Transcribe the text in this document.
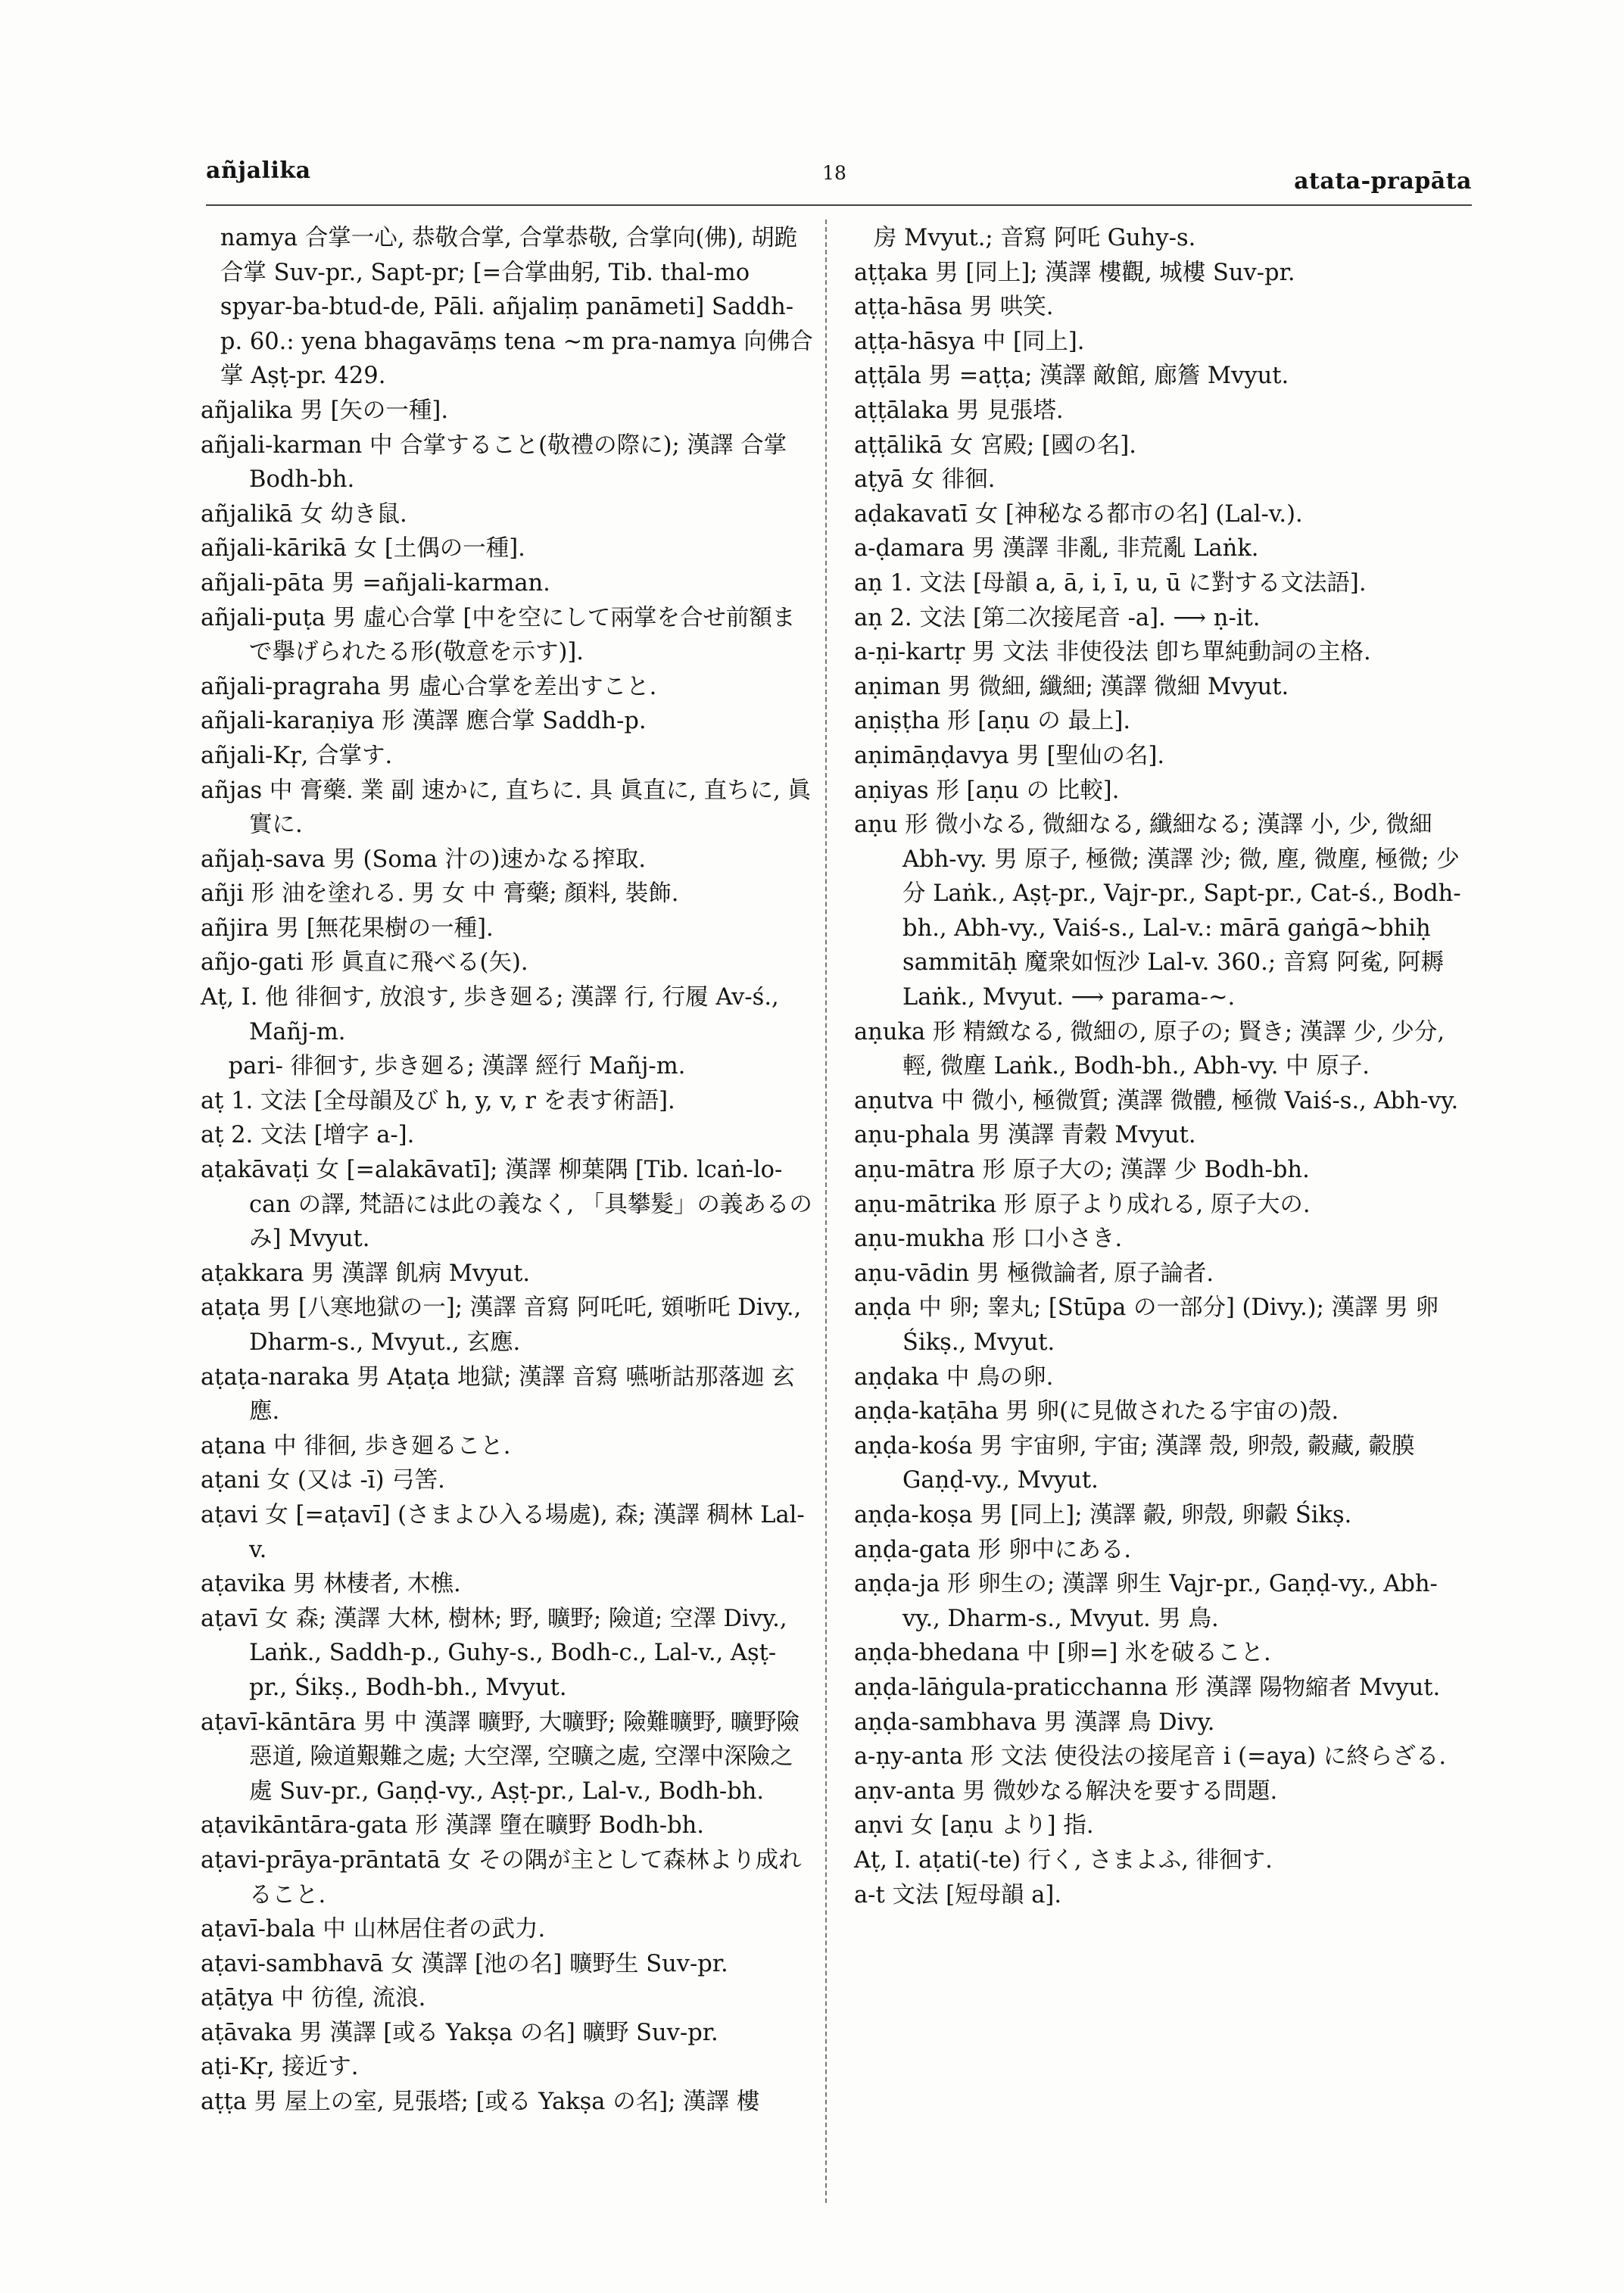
añjalika	18	atata-prapāta

namya 合掌一心, 恭敬合掌, 合掌恭敬, 合掌向(佛), 胡跪合掌 Suv-pr., Sapt-pr; [=合掌曲躬, Tib. thal-mo spyar-ba-btud-de, Pāli. añjaliṃ panāmeti] Saddh-p. 60.: yena bhagavāṃs tena ∼m pra-namya 向佛合掌 Aṣṭ-pr. 429.

añjalika 男 [矢の一種].

añjali-karman 中 合掌すること(敬禮の際に); 漢譯 合掌 Bodh-bh.

añjalikā 女 幼き鼠.

añjali-kārikā 女 [土偶の一種].

añjali-pāta 男 =añjali-karman.

añjali-puṭa 男 虛心合掌 [中を空にして兩掌を合せ前額まで擧げられたる形(敬意を示す)].

añjali-pragraha 男 虛心合掌を差出すこと.

añjali-karaṇiya 形 漢譯 應合掌 Saddh-p.

añjali-Kṛ, 合掌す.

añjas 中 膏藥. 業 副 速かに, 直ちに. 具 眞直に, 直ちに, 眞實に.

añjaḥ-sava 男 (Soma 汁の)速かなる搾取.

añji 形 油を塗れる. 男 女 中 膏藥; 顏料, 裝飾.

añjira 男 [無花果樹の一種].

añjo-gati 形 眞直に飛べる(矢).

Aṭ, I. 他 徘徊す, 放浪す, 歩き廻る; 漢譯 行, 行履 Av-ś., Mañj-m.

pari- 徘徊す, 歩き廻る; 漢譯 經行 Mañj-m.

aṭ 1. 文法 [全母韻及び h, y, v, r を表す術語].

aṭ 2. 文法 [增字 a-].

aṭakāvaṭi 女 [=alakāvatī]; 漢譯 柳葉隅 [Tib. lcaṅ-lo-can の譯, 梵語には此の義なく, 「具攀髮」の義あるのみ] Mvyut.

aṭakkara 男 漢譯 飢病 Mvyut.

aṭaṭa 男 [八寒地獄の一]; 漢譯 音寫 阿吒吒, 頞哳吒 Divy., Dharm-s., Mvyut., 玄應.

aṭaṭa-naraka 男 Aṭaṭa 地獄; 漢譯 音寫 嚥哳詁那落迦 玄應.

aṭana 中 徘徊, 歩き廻ること.

aṭani 女 (又は -ī) 弓筈.

aṭavi 女 [=aṭavī] (さまよひ入る場處), 森; 漢譯 稠林 Lal-v.

aṭavika 男 林棲者, 木樵.

aṭavī 女 森; 漢譯 大林, 樹林; 野, 曠野; 險道; 空澤 Divy., Laṅk., Saddh-p., Guhy-s., Bodh-c., Lal-v., Aṣṭ-pr., Śikṣ., Bodh-bh., Mvyut.

aṭavī-kāntāra 男 中 漢譯 曠野, 大曠野; 險難曠野, 曠野險惡道, 險道艱難之處; 大空澤, 空曠之處, 空澤中深險之處 Suv-pr., Gaṇḍ-vy., Aṣṭ-pr., Lal-v., Bodh-bh.

aṭavikāntāra-gata 形 漢譯 墮在曠野 Bodh-bh.

aṭavi-prāya-prāntatā 女 その隅が主として森林より成れること.

aṭavī-bala 中 山林居住者の武力.

aṭavi-sambhavā 女 漢譯 [池の名] 曠野生 Suv-pr.

aṭāṭya 中 彷徨, 流浪.

aṭāvaka 男 漢譯 [或る Yakṣa の名] 曠野 Suv-pr.

aṭi-Kṛ, 接近す.

aṭṭa 男 屋上の室, 見張塔; [或る Yakṣa の名]; 漢譯 樓

房 Mvyut.; 音寫 阿吒 Guhy-s.

aṭṭaka 男 [同上]; 漢譯 樓觀, 城樓 Suv-pr.

aṭṭa-hāsa 男 哄笑.

aṭṭa-hāsya 中 [同上].

aṭṭāla 男 =aṭṭa; 漢譯 敵館, 廊簷 Mvyut.

aṭṭālaka 男 見張塔.

aṭṭālikā 女 宮殿; [國の名].

aṭyā 女 徘徊.

aḍakavatī 女 [神秘なる都市の名] (Lal-v.).

a-ḍamara 男 漢譯 非亂, 非荒亂 Laṅk.

aṇ 1. 文法 [母韻 a, ā, i, ī, u, ū に對する文法語].

aṇ 2. 文法 [第二次接尾音 -a]. ⟶ ṇ-it.

a-ṇi-kartṛ 男 文法 非使役法 卽ち單純動詞の主格.

aṇiman 男 微細, 纖細; 漢譯 微細 Mvyut.

aṇiṣṭha 形 [aṇu の 最上].

aṇimāṇḍavya 男 [聖仙の名].

aṇiyas 形 [aṇu の 比較].

aṇu 形 微小なる, 微細なる, 纖細なる; 漢譯 小, 少, 微細 Abh-vy. 男 原子, 極微; 漢譯 沙; 微, 塵, 微塵, 極微; 少分 Laṅk., Aṣṭ-pr., Vajr-pr., Sapt-pr., Cat-ś., Bodh-bh., Abh-vy., Vaiś-s., Lal-v.: mārā gaṅgā∼bhiḥ sammitāḥ 魔衆如恆沙 Lal-v. 360.; 音寫 阿㝹, 阿耨 Laṅk., Mvyut. ⟶ parama-∼.

aṇuka 形 精緻なる, 微細の, 原子の; 賢き; 漢譯 少, 少分, 輕, 微塵 Laṅk., Bodh-bh., Abh-vy. 中 原子.

aṇutva 中 微小, 極微質; 漢譯 微體, 極微 Vaiś-s., Abh-vy.

aṇu-phala 男 漢譯 青穀 Mvyut.

aṇu-mātra 形 原子大の; 漢譯 少 Bodh-bh.

aṇu-mātrika 形 原子より成れる, 原子大の.

aṇu-mukha 形 口小さき.

aṇu-vādin 男 極微論者, 原子論者.

aṇḍa 中 卵; 睾丸; [Stūpa の一部分] (Divy.); 漢譯 男 卵 Śikṣ., Mvyut.

aṇḍaka 中 鳥の卵.

aṇḍa-kaṭāha 男 卵(に見做されたる宇宙の)殼.

aṇḍa-kośa 男 宇宙卵, 宇宙; 漢譯 殼, 卵殼, 㲉藏, 㲉膜 Gaṇḍ-vy., Mvyut.

aṇḍa-koṣa 男 [同上]; 漢譯 㲉, 卵殼, 卵㲉 Śikṣ.

aṇḍa-gata 形 卵中にある.

aṇḍa-ja 形 卵生の; 漢譯 卵生 Vajr-pr., Gaṇḍ-vy., Abh-vy., Dharm-s., Mvyut. 男 鳥.

aṇḍa-bhedana 中 [卵=] 氷を破ること.

aṇḍa-lāṅgula-praticchanna 形 漢譯 陽物縮者 Mvyut.

aṇḍa-sambhava 男 漢譯 鳥 Divy.

a-ṇy-anta 形 文法 使役法の接尾音 i (=aya) に終らざる.

aṇv-anta 男 微妙なる解決を要する問題.

aṇvi 女 [aṇu より] 指.

Aṭ, I. aṭati(-te) 行く, さまよふ, 徘徊す.

a-t 文法 [短母韻 a].
